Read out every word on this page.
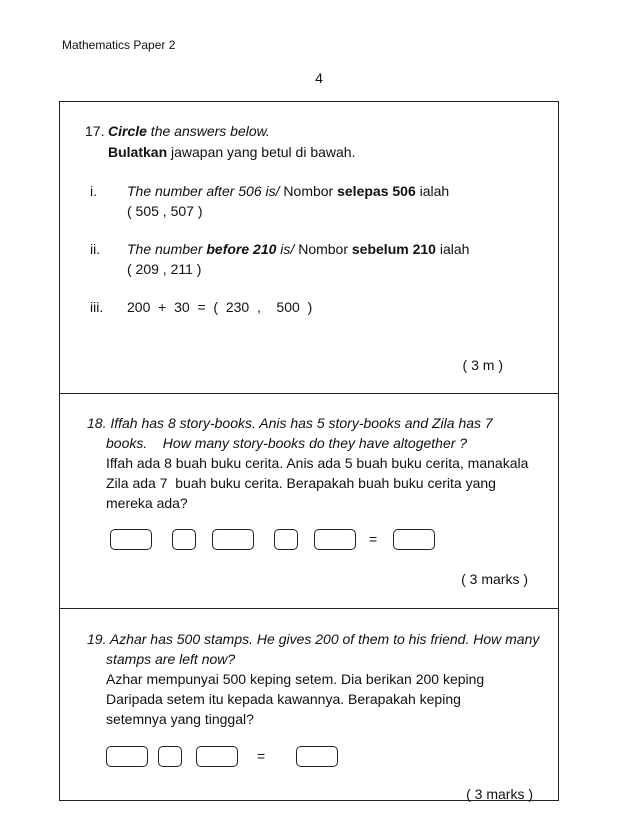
Mathematics Paper 2
4
17. Circle the answers below.
Bulatkan jawapan yang betul di bawah.
i. The number after 506 is/ Nombor selepas 506 ialah
( 505 , 507 )
ii. The number before 210 is/ Nombor sebelum 210 ialah
( 209 , 211 )
iii. 200  +  30  =  (  230  ,    500  )
( 3 m )
18. Iffah has 8 story-books. Anis has 5 story-books and Zila has 7
books.    How many story-books do they have altogether ?
Iffah ada 8 buah buku cerita. Anis ada 5 buah buku cerita, manakala
Zila ada 7  buah buku cerita. Berapakah buah buku cerita yang
mereka ada?
=
( 3 marks )
19. Azhar has 500 stamps. He gives 200 of them to his friend. How many
stamps are left now?
Azhar mempunyai 500 keping setem. Dia berikan 200 keping
Daripada setem itu kepada kawannya. Berapakah keping
setemnya yang tinggal?
=
( 3 marks )
